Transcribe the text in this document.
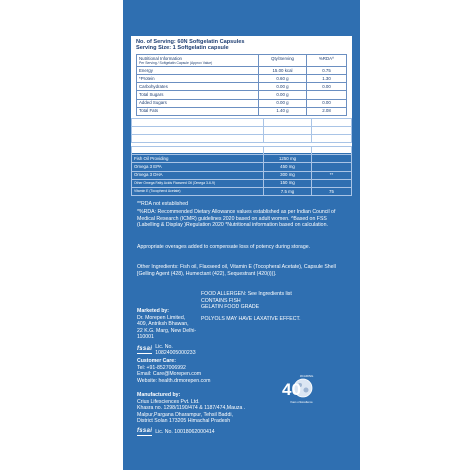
No. of Serving: 60N Softgelatin Capsules
Serving Size: 1 Softgelatin capsule
Nutritional Information
Per Serving / Softgelatin Capsule (Approx Value)	Qty/Serving	%RDA^
Energy	15.00 kcal	0.75
*Protein	0.60 g	1.30
Carbohydrates	0.00 g	0.00
Total Sugars	0.00 g	
Added Sugars	0.00 g	0.00
Total Fats	1.40 g	2.08
Saturated Fatty acids	0.30 g	1.36
Cholesterol	0.01 mg	**
Sodium	0.00 mg	0.00
Each Soft Gelatin Capsule Contains (Approx)	Qty/Serving	%RDA*
Fish Oil Providing	1250 mg	
Omega 3 EPA	450 mg	
Omega 3 DHA	300 mg	**
Other Omega Fatty Acids Flaxseed Oil (Omega 3-6-9)	150 mg	
Vitamin E (Tocopherol Acetate)	7.5 mg	75
**RDA not established
*%RDA: Recommended Dietary Allowance values established as per Indian Council of Medical Research (ICMR) guidelines 2020 based on adult women. ^Based on FSS (Labelling & Display )Regulation 2020 *Nutritional information based on calculation.
Appropriate overages added to compensate loss of potency during storage.
Other Ingredients: Fish oil, Flaxseed oil, Vitamin E (Tocopheral Acetate), Capsule Shell [Gelling Agent (428), Humectant (422), Sequestrant (420(i))].
FOOD ALLERGEN: See Ingredients list
CONTAINS FISH
GELATIN FOOD GRADE
POLYOLS MAY HAVE LAXATIVE EFFECT.
Marketed by:
Dr. Morepen Limited,
409, Antriksh Bhawan,
22 K.G. Marg, New Delhi-110001
fssai Lic. No. 10824005000233
Customer Care:
Tel: +91-8527006992
Email: Care@Morepen.com
Website: health.drmorepen.com
Manufactured by:
Crius Lifesciences Pvt. Ltd.
Khasra no. 1298/1190/474 & 1187/474,Mauza .
Malpur,Pargana Dharampur, Tehsil Baddi,
District Solan 173205 Himachal Pradesh
fssai Lic. No. 10018062000414
40
#CARING
Years of Excellence
